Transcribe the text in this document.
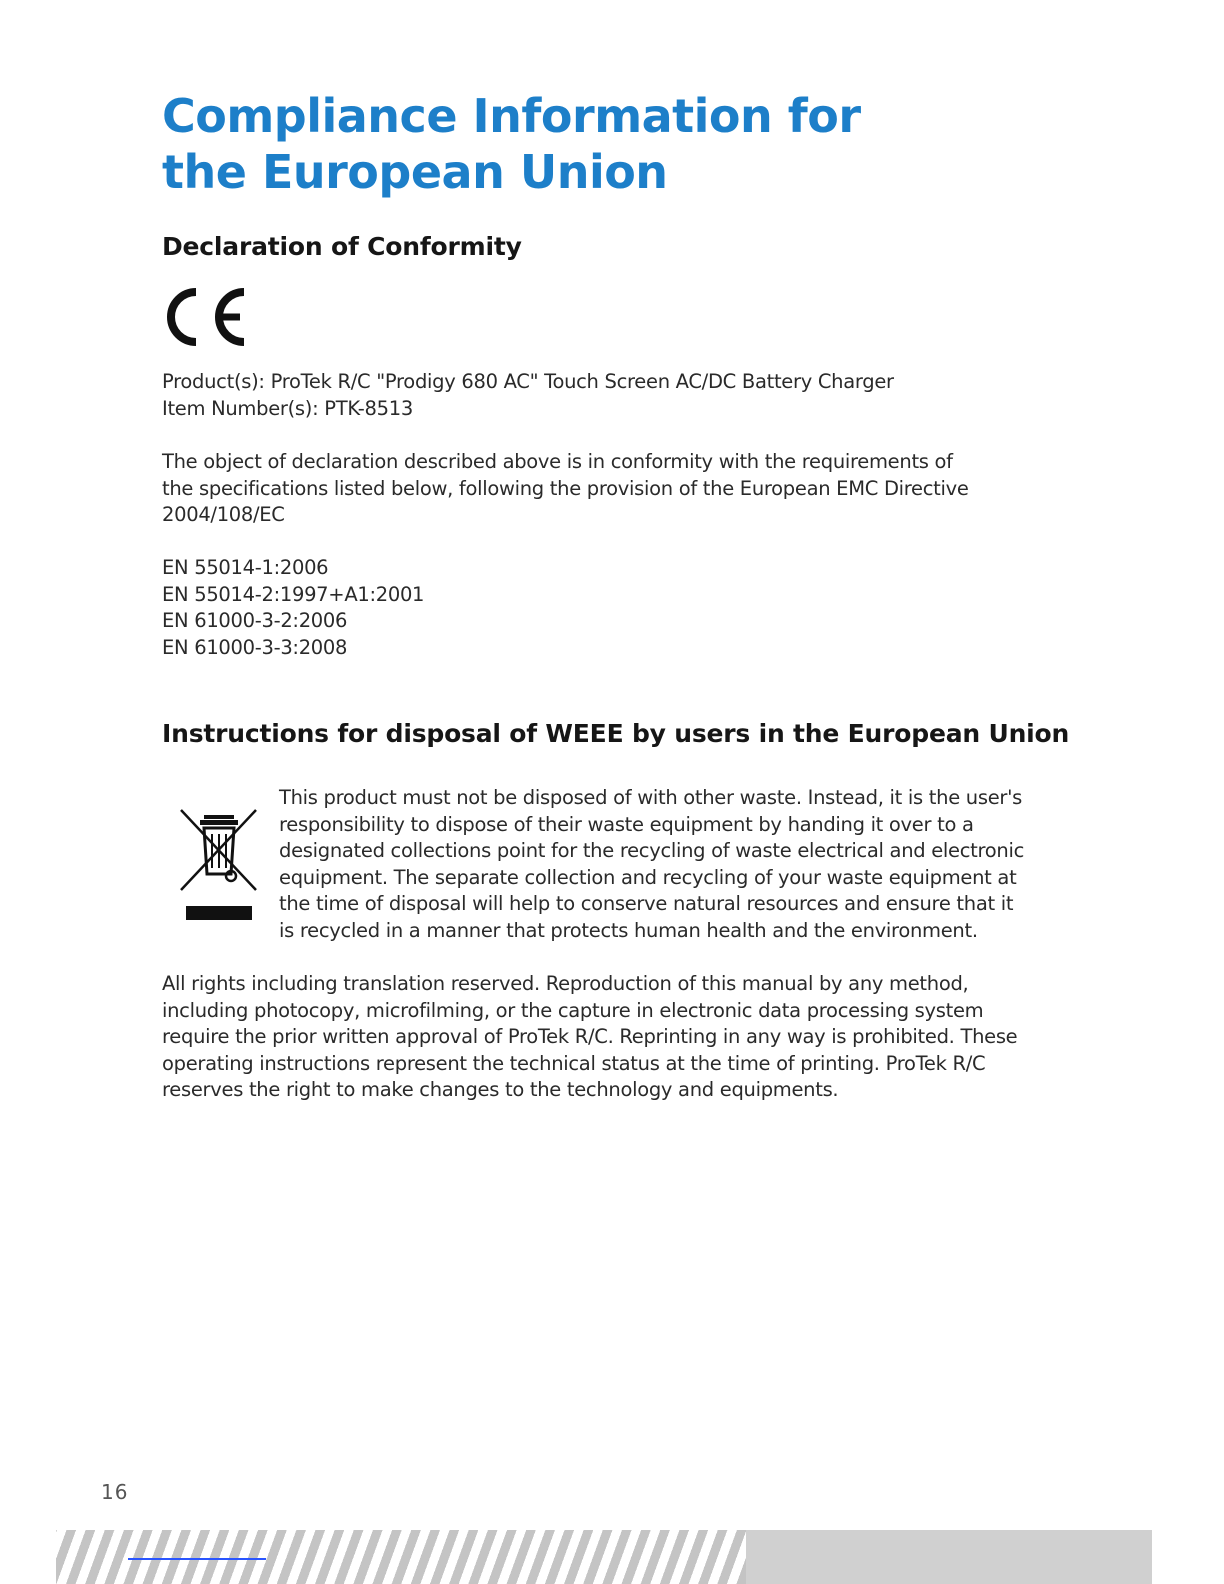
Compliance Information for
the European Union
Declaration of Conformity

Product(s): ProTek R/C "Prodigy 680 AC" Touch Screen AC/DC Battery Charger
Item Number(s): PTK-8513

The object of declaration described above is in conformity with the requirements of
the specifications listed below, following the provision of the European EMC Directive
2004/108/EC

EN 55014-1:2006
EN 55014-2:1997+A1:2001
EN 61000-3-2:2006
EN 61000-3-3:2008

Instructions for disposal of WEEE by users in the European Union

This product must not be disposed of with other waste. Instead, it is the user's
responsibility to dispose of their waste equipment by handing it over to a
designated collections point for the recycling of waste electrical and electronic
equipment. The separate collection and recycling of your waste equipment at
the time of disposal will help to conserve natural resources and ensure that it
is recycled in a manner that protects human health and the environment.

All rights including translation reserved. Reproduction of this manual by any method,
including photocopy, microfilming, or the capture in electronic data processing system
require the prior written approval of ProTek R/C. Reprinting in any way is prohibited. These
operating instructions represent the technical status at the time of printing. ProTek R/C
reserves the right to make changes to the technology and equipments.

16
